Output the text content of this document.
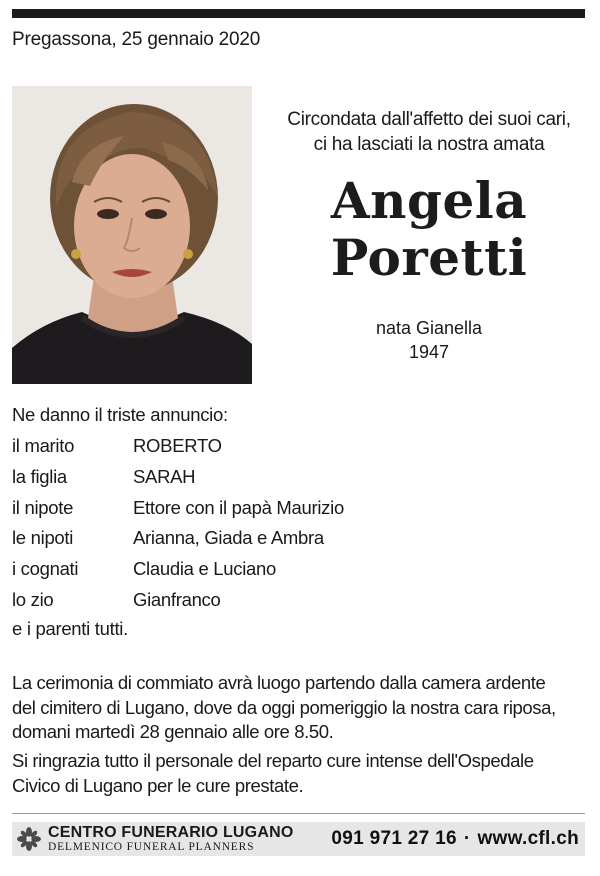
Pregassona, 25 gennaio 2020
Circondata dall'affetto dei suoi cari,
ci ha lasciati la nostra amata
Angela
Poretti
nata Gianella
1947
Ne danno il triste annuncio:
il marito	ROBERTO
la figlia	SARAH
il nipote	Ettore con il papà Maurizio
le nipoti	Arianna, Giada e Ambra
i cognati	Claudia e Luciano
lo zio	Gianfranco
e i parenti tutti.
La cerimonia di commiato avrà luogo partendo dalla camera ardente
del cimitero di Lugano, dove da oggi pomeriggio la nostra cara riposa,
domani martedì 28 gennaio alle ore 8.50.
Si ringrazia tutto il personale del reparto cure intense dell'Ospedale
Civico di Lugano per le cure prestate.
CENTRO FUNERARIO LUGANO
DELMENICO FUNERAL PLANNERS	091 971 27 16 · www.cfl.ch
